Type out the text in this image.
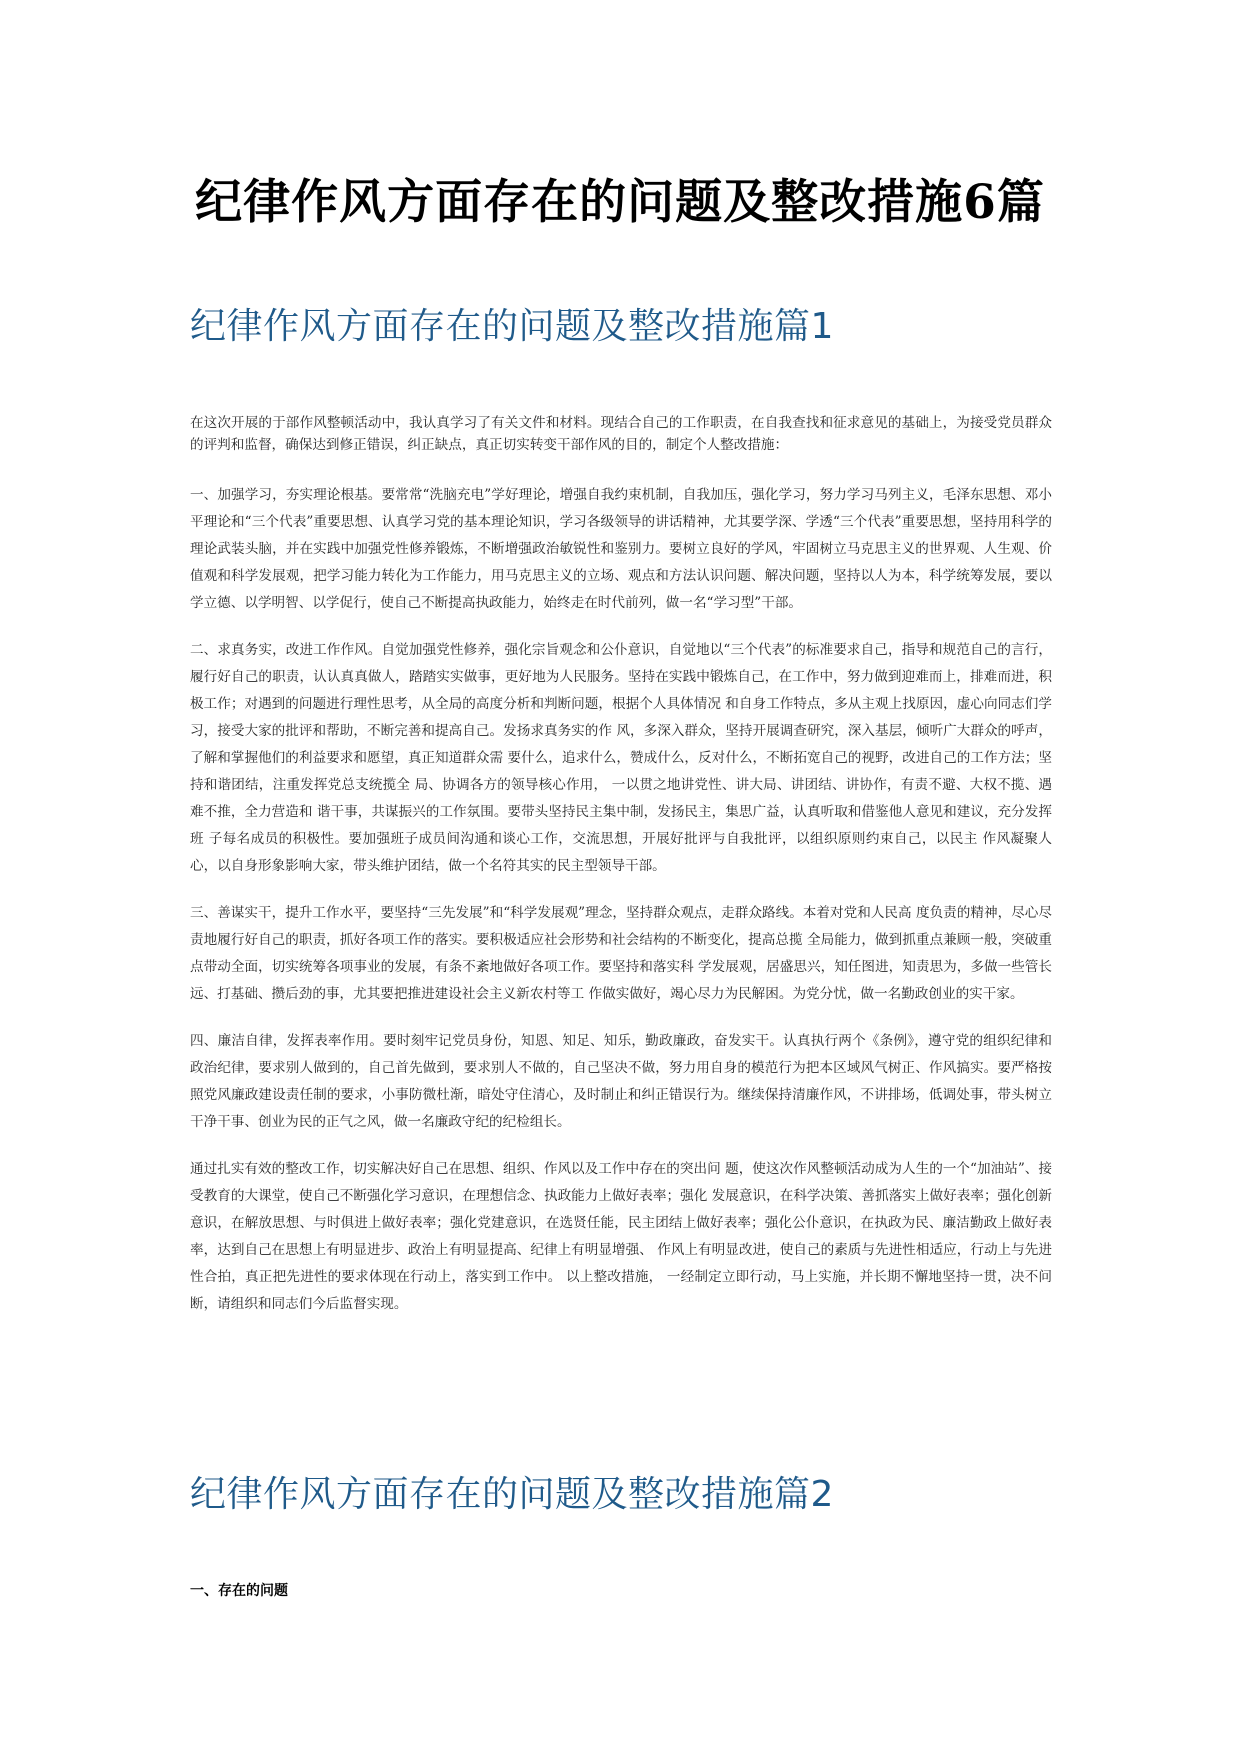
纪律作风方面存在的问题及整改措施6篇
纪律作风方面存在的问题及整改措施篇1

在这次开展的于部作风整顿活动中，我认真学习了有关文件和材料。现结合自己的工作职责，在自我查找和征求意见的基础上，为接受党员群众的评判和监督，确保达到修正错误，纠正缺点，真正切实转变干部作风的目的，制定个人整改措施：

一、加强学习，夯实理论根基。要常常“洗脑充电”学好理论，增强自我约束机制，自我加压，强化学习，努力学习马列主义，毛泽东思想、邓小平理论和“三个代表”重要思想、认真学习党的基本理论知识，学习各级领导的讲话精神，尤其要学深、学透“三个代表”重要思想，坚持用科学的理论武装头脑，并在实践中加强党性修养锻炼，不断增强政治敏锐性和鉴别力。要树立良好的学风，牢固树立马克思主义的世界观、人生观、价值观和科学发展观，把学习能力转化为工作能力，用马克思主义的立场、观点和方法认识问题、解决问题，坚持以人为本，科学统筹发展，要以学立德、以学明智、以学促行，使自己不断提高执政能力，始终走在时代前列，做一名“学习型”干部。

二、求真务实，改进工作作风。自觉加强党性修养，强化宗旨观念和公仆意识，自觉地以“三个代表”的标准要求自己，指导和规范自己的言行，履行好自己的职责，认认真真做人，踏踏实实做事，更好地为人民服务。坚持在实践中锻炼自己，在工作中，努力做到迎难而上，排难而进，积极工作；对遇到的问题进行理性思考，从全局的高度分析和判断问题，根据个人具体情况 和自身工作特点，多从主观上找原因，虚心向同志们学习，接受大家的批评和帮助，不断完善和提高自己。发扬求真务实的作 风，多深入群众，坚持开展调查研究，深入基层，倾听广大群众的呼声，了解和掌握他们的利益要求和愿望，真正知道群众需 要什么，追求什么，赞成什么，反对什么，不断拓宽自己的视野，改进自己的工作方法；坚持和谐团结，注重发挥党总支统揽全 局、协调各方的领导核心作用， 一以贯之地讲党性、讲大局、讲团结、讲协作，有责不避、大权不揽、遇难不推，全力营造和 谐干事，共谋振兴的工作氛围。要带头坚持民主集中制，发扬民主，集思广益，认真听取和借鉴他人意见和建议，充分发挥班 子每名成员的积极性。要加强班子成员间沟通和谈心工作，交流思想，开展好批评与自我批评，以组织原则约束自己，以民主 作风凝聚人心，以自身形象影响大家，带头维护团结，做一个名符其实的民主型领导干部。

三、善谋实干，提升工作水平，要坚持“三先发展”和“科学发展观”理念，坚持群众观点，走群众路线。本着对党和人民高 度负责的精神，尽心尽责地履行好自己的职责，抓好各项工作的落实。要积极适应社会形势和社会结构的不断变化，提高总揽 全局能力，做到抓重点兼顾一般，突破重点带动全面，切实统筹各项事业的发展，有条不紊地做好各项工作。要坚持和落实科 学发展观，居盛思兴，知任图进，知责思为，多做一些管长远、打基础、攒后劲的事，尤其要把推进建设社会主义新农村等工 作做实做好，竭心尽力为民解困。为党分忧，做一名勤政创业的实干家。

四、廉洁自律，发挥表率作用。要时刻牢记党员身份，知恩、知足、知乐，勤政廉政，奋发实干。认真执行两个《条例》，遵守党的组织纪律和政治纪律，要求别人做到的，自己首先做到，要求别人不做的，自己坚决不做，努力用自身的模范行为把本区域风气树正、作风搞实。要严格按照党风廉政建设责任制的要求，小事防微杜渐，暗处守住清心，及时制止和纠正错误行为。继续保持清廉作风，不讲排场，低调处事，带头树立干净干事、创业为民的正气之风，做一名廉政守纪的纪检组长。

通过扎实有效的整改工作，切实解决好自己在思想、组织、作风以及工作中存在的突出问 题，使这次作风整顿活动成为人生的一个“加油站”、接受教育的大课堂，使自己不断强化学习意识，在理想信念、执政能力上做好表率；强化 发展意识，在科学决策、善抓落实上做好表率；强化创新意识，在解放思想、与时俱进上做好表率；强化党建意识，在选贤任能，民主团结上做好表率；强化公仆意识，在执政为民、廉洁勤政上做好表率，达到自己在思想上有明显进步、政治上有明显提高、纪律上有明显增强、 作风上有明显改进，使自己的素质与先进性相适应，行动上与先进性合拍，真正把先进性的要求体现在行动上，落实到工作中。 以上整改措施， 一经制定立即行动，马上实施，并长期不懈地坚持一贯，决不问断，请组织和同志们今后监督实现。

纪律作风方面存在的问题及整改措施篇2
一、存在的问题
